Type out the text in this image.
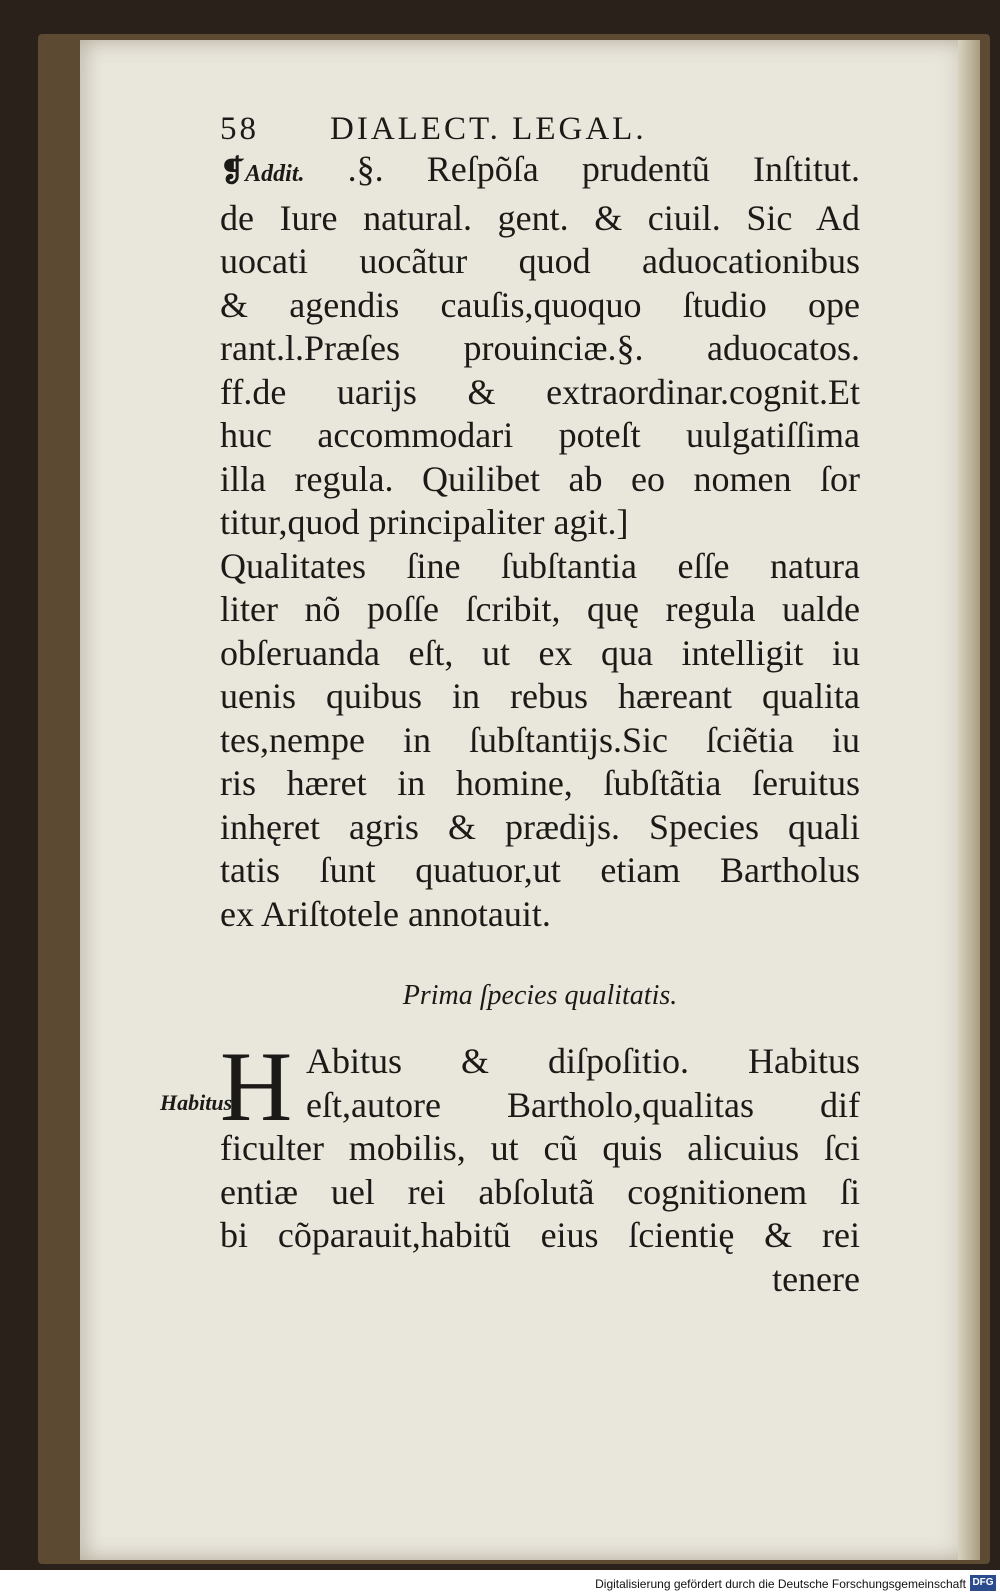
58	DIALECT. LEGAL.
❡Addit. .§. Reſpõſa prudentũ Inſtitut.
de Iure natural. gent. & ciuil. Sic Ad
uocati uocãtur quod aduocationibus
& agendis cauſis,quoquo ſtudio ope
rant.l.Præſes prouinciæ.§. aduocatos.
ff.de uarijs & extraordinar.cognit.Et
huc accommodari poteſt uulgatiſſima
illa regula. Quilibet ab eo nomen ſor
titur,quod principaliter agit.]
Qualitates ſine ſubſtantia eſſe natura
liter nõ poſſe ſcribit, quę regula ualde
obſeruanda eſt, ut ex qua intelligit iu
uenis quibus in rebus hæreant qualita
tes,nempe in ſubſtantijs.Sic ſciẽtia iu
ris hæret in homine, ſubſtãtia ſeruitus
inhęret agris & prædijs. Species quali
tatis ſunt quatuor,ut etiam Bartholus
ex Ariſtotele annotauit.
Prima ſpecies qualitatis.
H Abitus & diſpoſitio. Habitus
eſt,autore Bartholo,qualitas dif
ficulter mobilis, ut cũ quis alicuius ſci
entiæ uel rei abſolutã cognitionem ſi
bi cõparauit,habitũ eius ſcientię & rei
tenere
Habitus.
Digitalisierung gefördert durch die Deutsche Forschungsgemeinschaft DFG
